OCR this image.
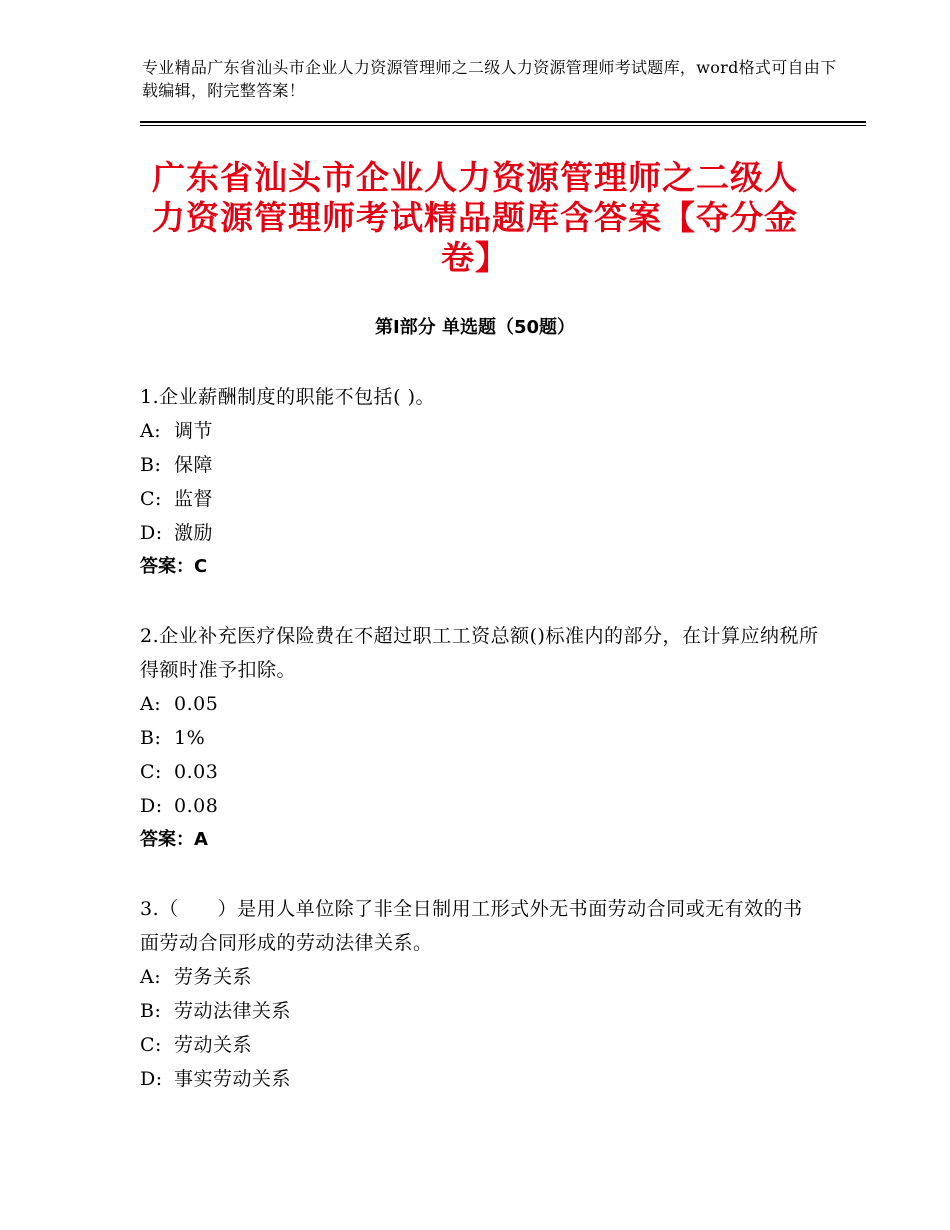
专业精品广东省汕头市企业人力资源管理师之二级人力资源管理师考试题库，word格式可自由下载编辑，附完整答案！
广东省汕头市企业人力资源管理师之二级人力资源管理师考试精品题库含答案【夺分金卷】
第Ⅰ部分 单选题（50题）
1.企业薪酬制度的职能不包括( )。
A: 调节
B: 保障
C: 监督
D: 激励
答案：C
2.企业补充医疗保险费在不超过职工工资总额()标准内的部分，在计算应纳税所得额时准予扣除。
A: 0.05
B: 1%
C: 0.03
D: 0.08
答案：A
3.（　　）是用人单位除了非全日制用工形式外无书面劳动合同或无有效的书面劳动合同形成的劳动法律关系。
A: 劳务关系
B: 劳动法律关系
C: 劳动关系
D: 事实劳动关系
